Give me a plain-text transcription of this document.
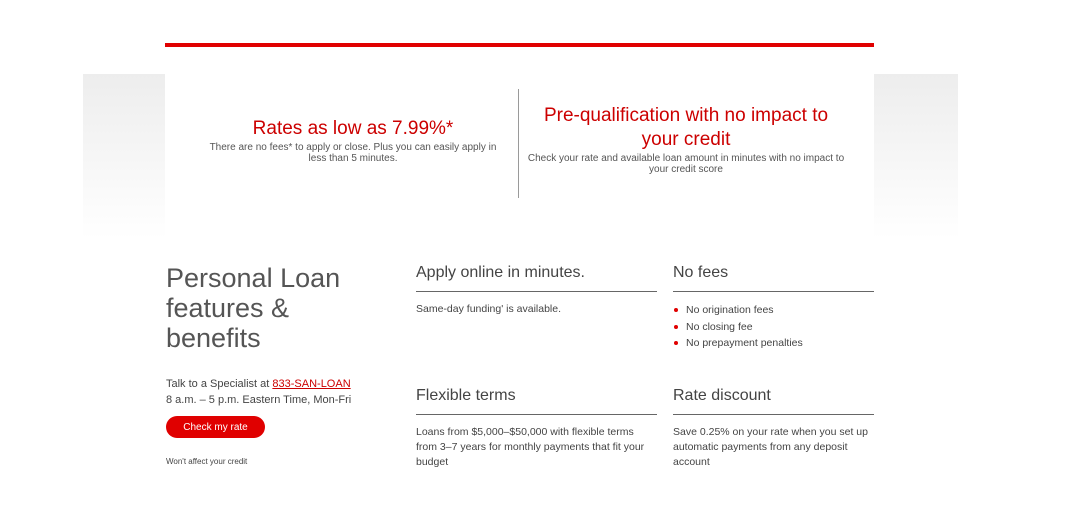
Rates as low as 7.99%*

There are no fees* to apply or close. Plus you can easily apply in less than 5 minutes.

Pre-qualification with no impact to your credit

Check your rate and available loan amount in minutes with no impact to your credit score

Personal Loan features & benefits

Talk to a Specialist at 833-SAN-LOAN

8 a.m. – 5 p.m. Eastern Time, Mon-Fri

Check my rate
Won't affect your credit
Apply online in minutes.

Same-day funding' is available.

No fees
No origination fees
No closing fee
No prepayment penalties
Flexible terms

Loans from $5,000–$50,000 with flexible terms from 3–7 years for monthly payments that fit your budget

Rate discount

Save 0.25% on your rate when you set up automatic payments from any deposit account
